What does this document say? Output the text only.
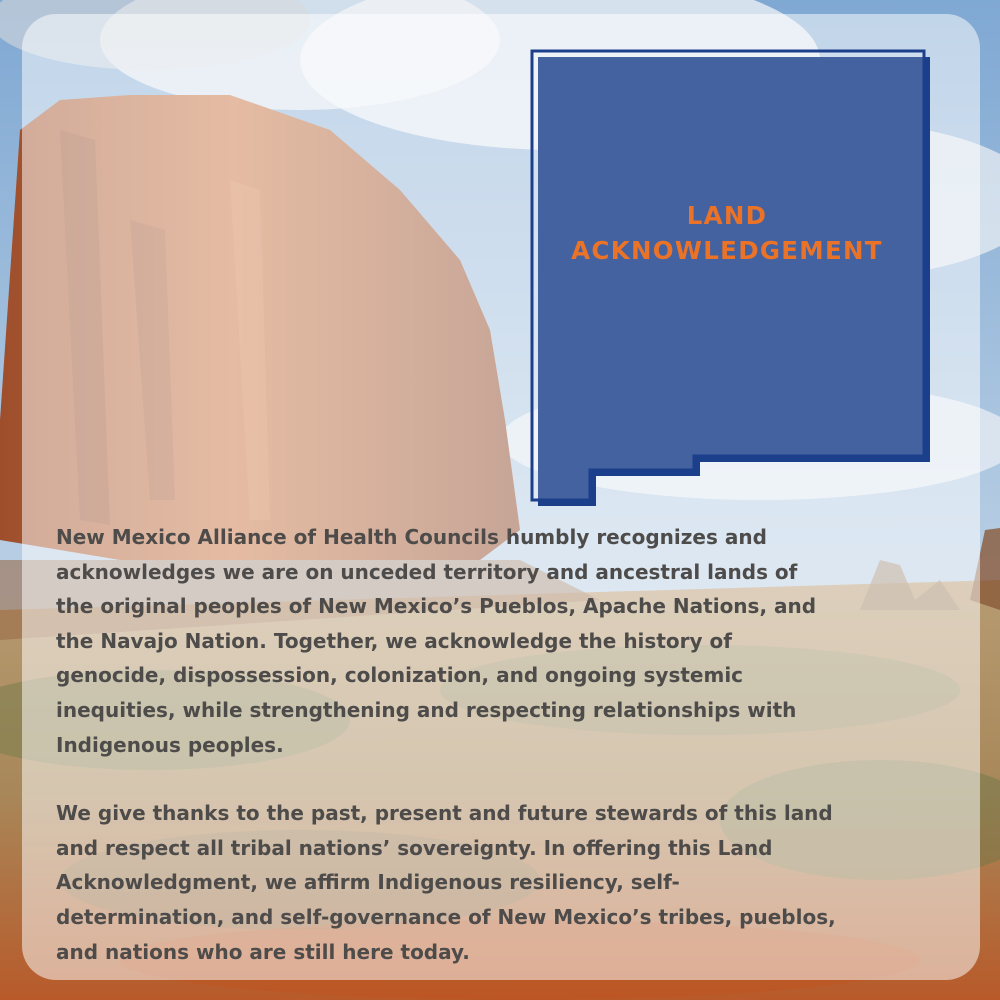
LAND
ACKNOWLEDGEMENT

New Mexico Alliance of Health Councils humbly recognizes and
acknowledges we are on unceded territory and ancestral lands of
the original peoples of New Mexico’s Pueblos, Apache Nations, and
the Navajo Nation. Together, we acknowledge the history of
genocide, dispossession, colonization, and ongoing systemic
inequities, while strengthening and respecting relationships with
Indigenous peoples.

We give thanks to the past, present and future stewards of this land
and respect all tribal nations’ sovereignty. In offering this Land
Acknowledgment, we affirm Indigenous resiliency, self-
determination, and self-governance of New Mexico’s tribes, pueblos,
and nations who are still here today.
